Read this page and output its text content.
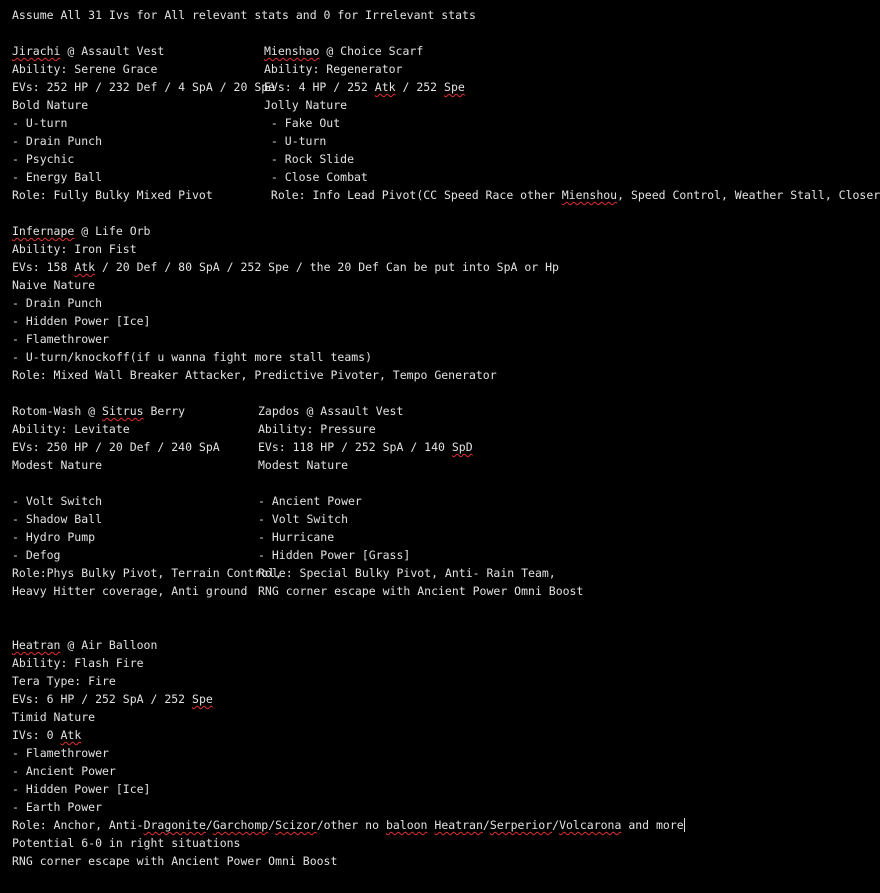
Assume All 31 Ivs for All relevant stats and 0 for Irrelevant stats
Jirachi @ Assault Vest
Ability: Serene Grace
EVs: 252 HP / 232 Def / 4 SpA / 20 Spe
Bold Nature
- U-turn
- Drain Punch
- Psychic
- Energy Ball
Role: Fully Bulky Mixed Pivot
Mienshao @ Choice Scarf
Ability: Regenerator
EVs: 4 HP / 252 Atk / 252 Spe
Jolly Nature
- Fake Out
- U-turn
- Rock Slide
- Close Combat
Role: Info Lead Pivot(CC Speed Race other Mienshou, Speed Control, Weather Stall, Closer
Infernape @ Life Orb
Ability: Iron Fist
EVs: 158 Atk / 20 Def / 80 SpA / 252 Spe / the 20 Def Can be put into SpA or Hp
Naive Nature
- Drain Punch
- Hidden Power [Ice]
- Flamethrower
- U-turn/knockoff(if u wanna fight more stall teams)
Role: Mixed Wall Breaker Attacker, Predictive Pivoter, Tempo Generator
Rotom-Wash @ Sitrus Berry
Ability: Levitate
EVs: 250 HP / 20 Def / 240 SpA
Modest Nature
- Volt Switch
- Shadow Ball
- Hydro Pump
- Defog
Role:Phys Bulky Pivot, Terrain Control,
Heavy Hitter coverage, Anti ground
Zapdos @ Assault Vest
Ability: Pressure
EVs: 118 HP / 252 SpA / 140 SpD
Modest Nature
- Ancient Power
- Volt Switch
- Hurricane
- Hidden Power [Grass]
Role: Special Bulky Pivot, Anti- Rain Team,
RNG corner escape with Ancient Power Omni Boost
Heatran @ Air Balloon
Ability: Flash Fire
Tera Type: Fire
EVs: 6 HP / 252 SpA / 252 Spe
Timid Nature
IVs: 0 Atk
- Flamethrower
- Ancient Power
- Hidden Power [Ice]
- Earth Power
Role: Anchor, Anti-Dragonite/Garchomp/Scizor/other no baloon Heatran/Serperior/Volcarona and more
Potential 6-0 in right situations
RNG corner escape with Ancient Power Omni Boost
